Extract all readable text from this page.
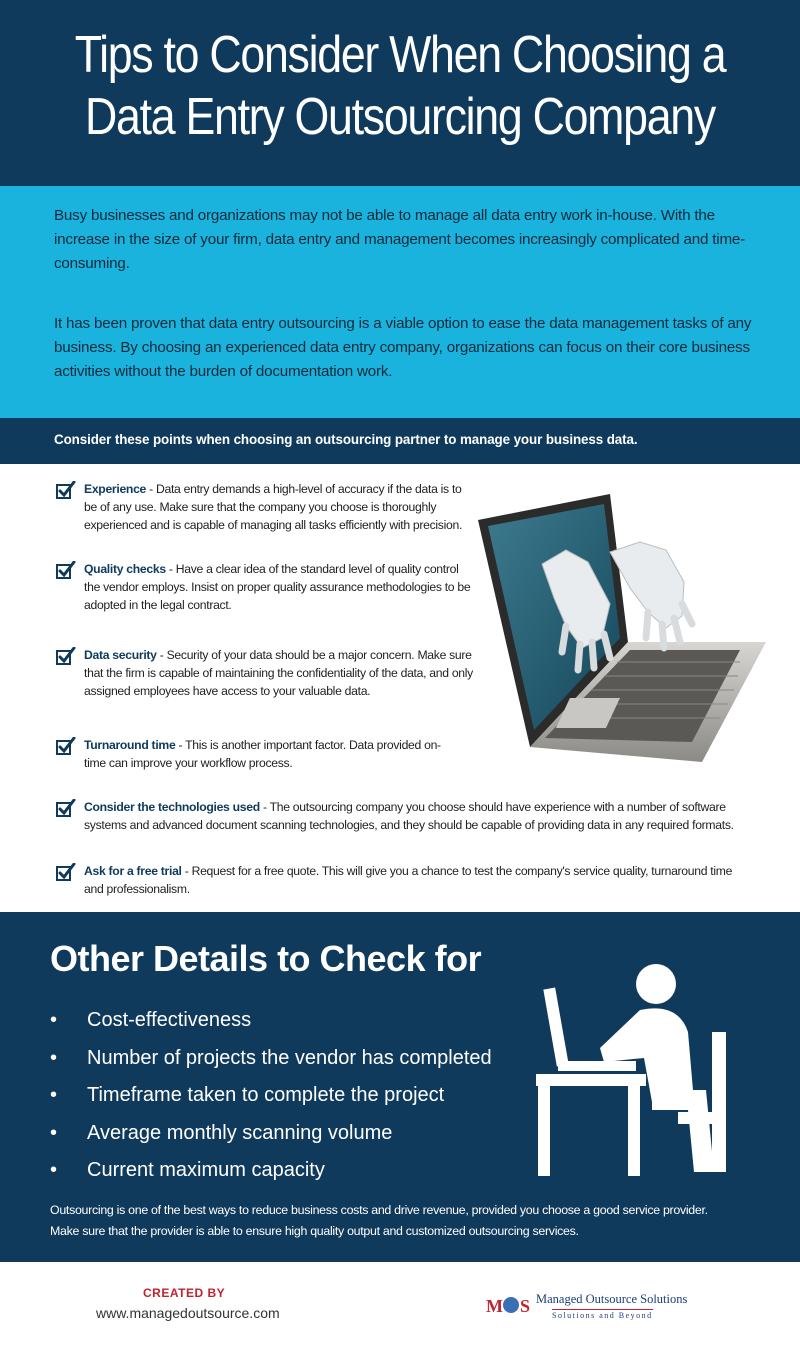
Tips to Consider When Choosing a
Data Entry Outsourcing Company

Busy businesses and organizations may not be able to manage all data entry work in-house. With the increase in the size of your firm, data entry and management becomes increasingly complicated and time-consuming.

It has been proven that data entry outsourcing is a viable option to ease the data management tasks of any business. By choosing an experienced data entry company, organizations can focus on their core business activities without the burden of documentation work.

Consider these points when choosing an outsourcing partner to manage your business data.

Experience - Data entry demands a high-level of accuracy if the data is to be of any use. Make sure that the company you choose is thoroughly experienced and is capable of managing all tasks efficiently with precision.
Quality checks - Have a clear idea of the standard level of quality control the vendor employs. Insist on proper quality assurance methodologies to be adopted in the legal contract.
Data security - Security of your data should be a major concern. Make sure that the firm is capable of maintaining the confidentiality of the data, and only assigned employees have access to your valuable data.
Turnaround time - This is another important factor. Data provided on-time can improve your workflow process.
Consider the technologies used - The outsourcing company you choose should have experience with a number of software systems and advanced document scanning technologies, and they should be capable of providing data in any required formats.
Ask for a free trial - Request for a free quote. This will give you a chance to test the company's service quality, turnaround time and professionalism.
Other Details to Check for
• Cost-effectiveness
• Number of projects the vendor has completed
• Timeframe taken to complete the project
• Average monthly scanning volume
• Current maximum capacity
Outsourcing is one of the best ways to reduce business costs and drive revenue, provided you choose a good service provider.
Make sure that the provider is able to ensure high quality output and customized outsourcing services.
CREATED BY
www.managedoutsource.com	M S Managed Outsource Solutions
Solutions and Beyond
